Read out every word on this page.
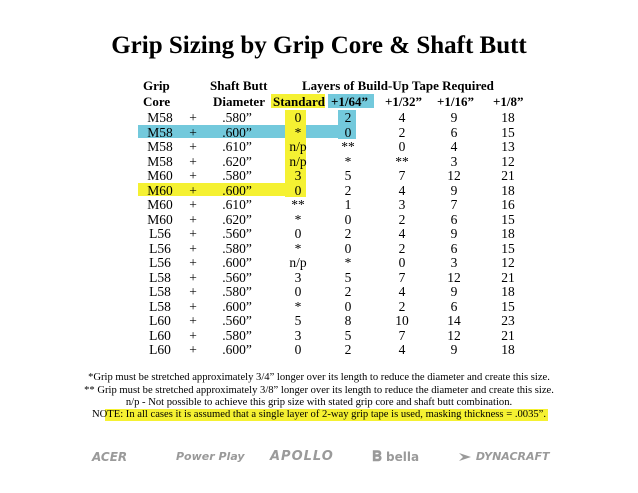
Grip Sizing by Grip Core & Shaft Butt
Grip
Core
Shaft Butt
Diameter
Layers of Build-Up Tape Required
Standard +1/64” +1/32” +1/16” +1/8”
M58	+	.580”	0	2	4	9	18
M58	+	.600”	*	0	2	6	15
M58	+	.610”	n/p	**	0	4	13
M58	+	.620”	n/p	*	**	3	12
M60	+	.580”	3	5	7	12	21
M60	+	.600”	0	2	4	9	18
M60	+	.610”	**	1	3	7	16
M60	+	.620”	*	0	2	6	15
L56	+	.560”	0	2	4	9	18
L56	+	.580”	*	0	2	6	15
L56	+	.600”	n/p	*	0	3	12
L58	+	.560”	3	5	7	12	21
L58	+	.580”	0	2	4	9	18
L58	+	.600”	*	0	2	6	15
L60	+	.560”	5	8	10	14	23
L60	+	.580”	3	5	7	12	21
L60	+	.600”	0	2	4	9	18
*Grip must be stretched approximately 3/4” longer over its length to reduce the diameter and create this size.
** Grip must be stretched approximately 3/8” longer over its length to reduce the diameter and create this size.
n/p - Not possible to achieve this grip size with stated grip core and shaft butt combination.
NOTE: In all cases it is assumed that a single layer of 2-way grip tape is used, masking thickness = .0035”.
ACER	Power Play APOLLO	𝐁 bella	DYNACRAFT
